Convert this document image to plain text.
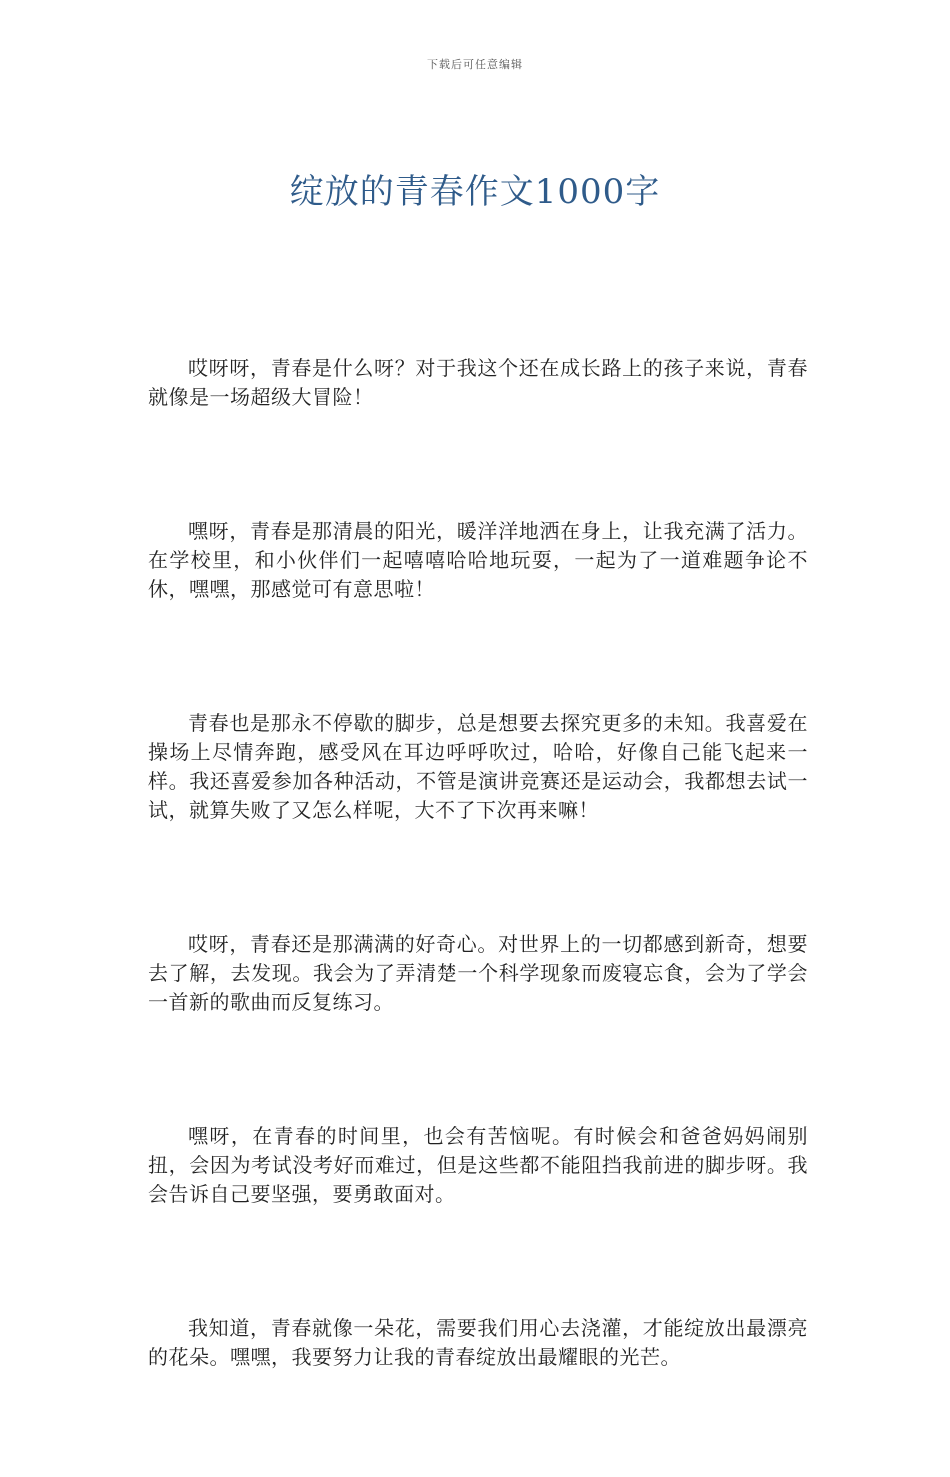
下载后可任意编辑
绽放的青春作文1000字

哎呀呀，青春是什么呀？对于我这个还在成长路上的孩子来说，青春就像是一场超级大冒险！

嘿呀，青春是那清晨的阳光，暖洋洋地洒在身上，让我充满了活力。在学校里，和小伙伴们一起嘻嘻哈哈地玩耍，一起为了一道难题争论不休，嘿嘿，那感觉可有意思啦！

青春也是那永不停歇的脚步，总是想要去探究更多的未知。我喜爱在操场上尽情奔跑，感受风在耳边呼呼吹过，哈哈，好像自己能飞起来一样。我还喜爱参加各种活动，不管是演讲竞赛还是运动会，我都想去试一试，就算失败了又怎么样呢，大不了下次再来嘛！

哎呀，青春还是那满满的好奇心。对世界上的一切都感到新奇，想要去了解，去发现。我会为了弄清楚一个科学现象而废寝忘食，会为了学会一首新的歌曲而反复练习。

嘿呀，在青春的时间里，也会有苦恼呢。有时候会和爸爸妈妈闹别扭，会因为考试没考好而难过，但是这些都不能阻挡我前进的脚步呀。我会告诉自己要坚强，要勇敢面对。

我知道，青春就像一朵花，需要我们用心去浇灌，才能绽放出最漂亮的花朵。嘿嘿，我要努力让我的青春绽放出最耀眼的光芒。
